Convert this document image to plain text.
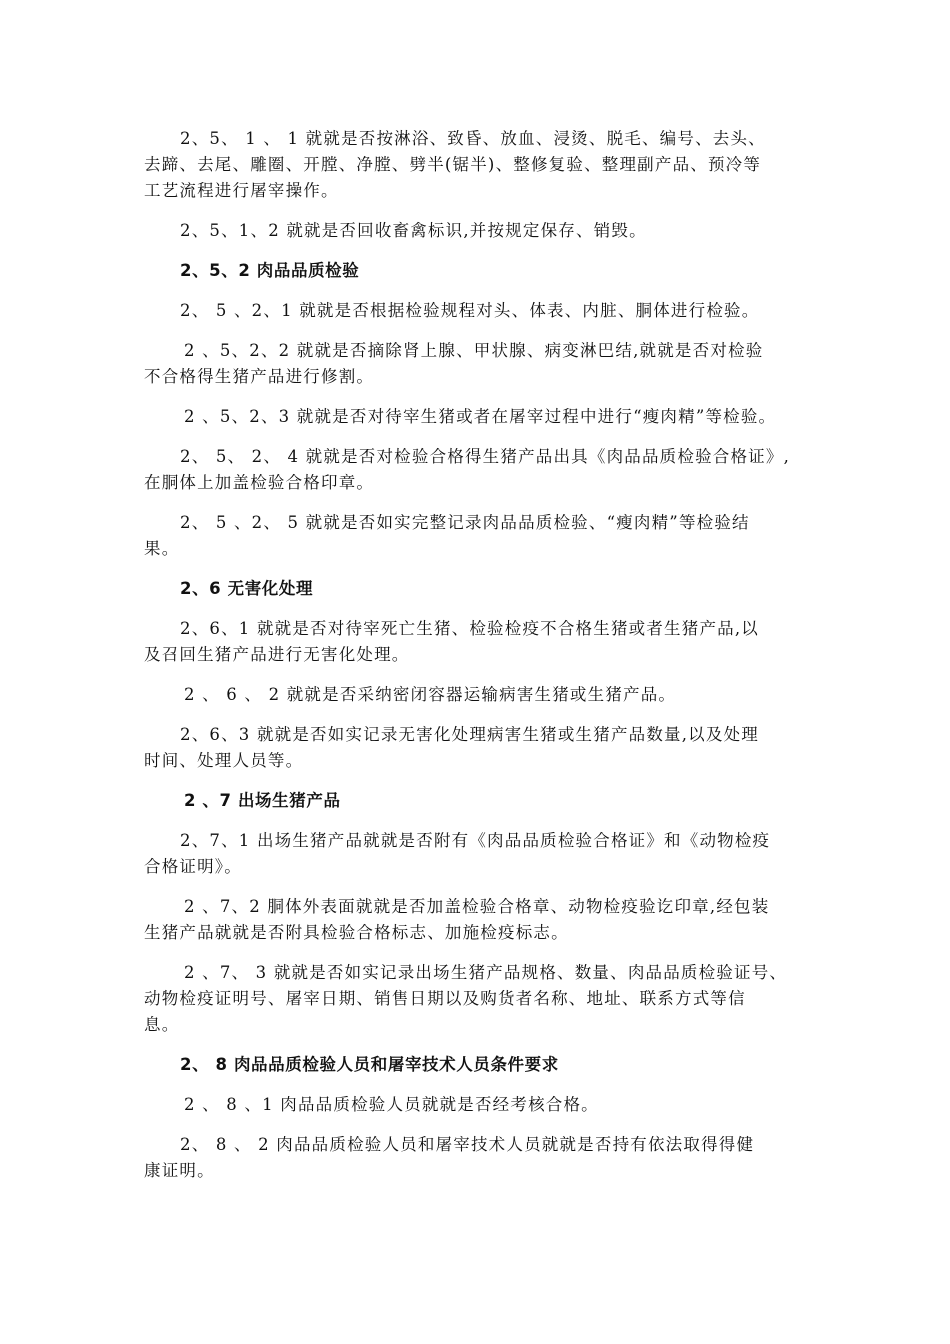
2、5、 1 、 1 就就是否按淋浴、致昏、放血、浸烫、脱毛、编号、去头、
去蹄、去尾、雕圈、开膛、净膛、劈半(锯半)、整修复验、整理副产品、预冷等
工艺流程进行屠宰操作。
2、5、1、2 就就是否回收畜禽标识,并按规定保存、销毁。
2、5、2 肉品品质检验
2、 5 、2、1 就就是否根据检验规程对头、体表、内脏、胴体进行检验。
2 、5、2、2 就就是否摘除肾上腺、甲状腺、病变淋巴结,就就是否对检验
不合格得生猪产品进行修割。
2 、5、2、3 就就是否对待宰生猪或者在屠宰过程中进行“瘦肉精”等检验。
2、 5、 2、 4 就就是否对检验合格得生猪产品出具《肉品品质检验合格证》,
在胴体上加盖检验合格印章。
2、 5 、2、 5 就就是否如实完整记录肉品品质检验、“瘦肉精”等检验结
果。
2、6 无害化处理
2、6、1 就就是否对待宰死亡生猪、检验检疫不合格生猪或者生猪产品,以
及召回生猪产品进行无害化处理。
2 、 6 、 2 就就是否采纳密闭容器运输病害生猪或生猪产品。
2、6、3 就就是否如实记录无害化处理病害生猪或生猪产品数量,以及处理
时间、处理人员等。
2 、7 出场生猪产品
2、7、1 出场生猪产品就就是否附有《肉品品质检验合格证》和《动物检疫
合格证明》。
2 、7、2 胴体外表面就就是否加盖检验合格章、动物检疫验讫印章,经包装
生猪产品就就是否附具检验合格标志、加施检疫标志。
2 、7、 3 就就是否如实记录出场生猪产品规格、数量、肉品品质检验证号、
动物检疫证明号、屠宰日期、销售日期以及购货者名称、地址、联系方式等信
息。
2、 8 肉品品质检验人员和屠宰技术人员条件要求
2 、 8 、1 肉品品质检验人员就就是否经考核合格。
2、 8 、 2 肉品品质检验人员和屠宰技术人员就就是否持有依法取得得健
康证明。
